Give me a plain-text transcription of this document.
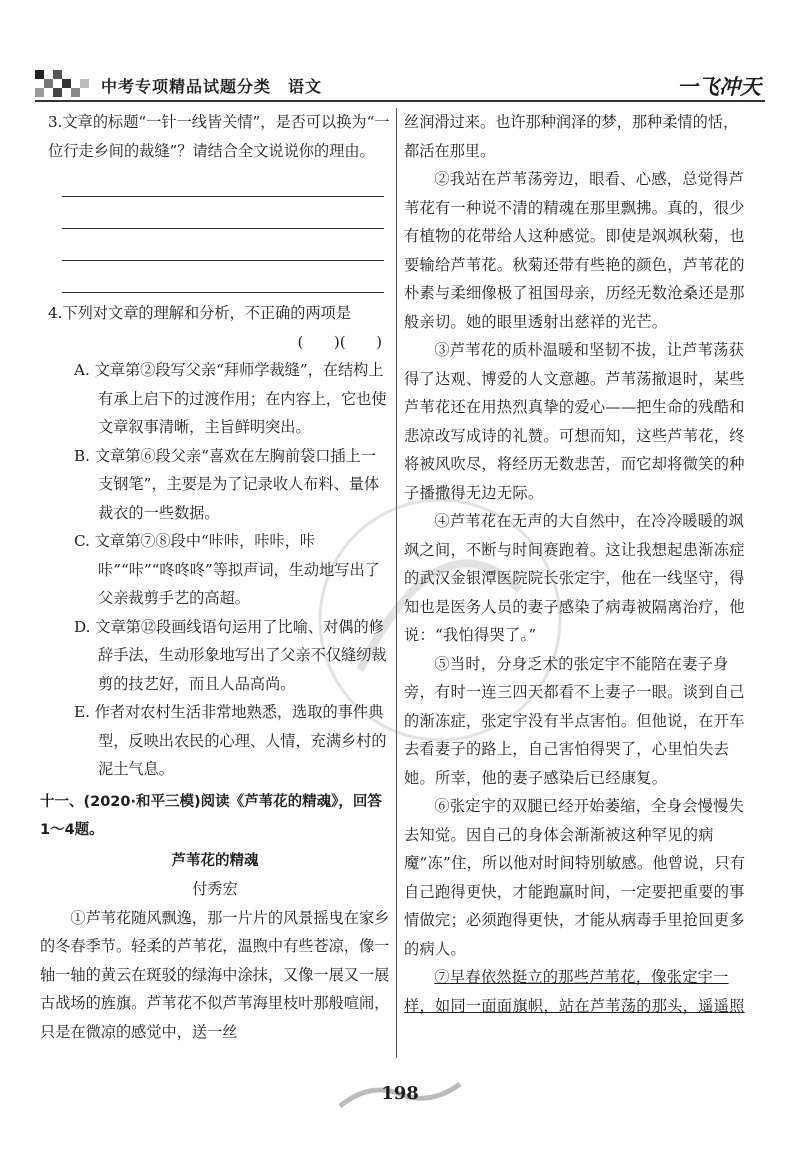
中考专项精品试题分类　语文	一飞冲天

3.文章的标题“一针一线皆关情”，是否可以换为“一位行走乡间的裁缝”？请结合全文说说你的理由。

4.下列对文章的理解和分析，不正确的两项是

(　　)(　　)

A. 文章第②段写父亲“拜师学裁缝”，在结构上有承上启下的过渡作用；在内容上，它也使文章叙事清晰，主旨鲜明突出。

B. 文章第⑥段父亲“喜欢在左胸前袋口插上一支钢笔”，主要是为了记录收人布料、量体裁衣的一些数据。

C. 文章第⑦⑧段中“咔咔，咔咔，咔咔”“咔”“咚咚咚”等拟声词，生动地写出了父亲裁剪手艺的高超。

D. 文章第⑫段画线语句运用了比喻、对偶的修辞手法，生动形象地写出了父亲不仅缝纫裁剪的技艺好，而且人品高尚。

E. 作者对农村生活非常地熟悉，选取的事件典型，反映出农民的心理、人情，充满乡村的泥土气息。

十一、(2020·和平三模)阅读《芦苇花的精魂》，回答1～4题。

芦苇花的精魂

付秀宏

①芦苇花随风飘逸，那一片片的风景摇曳在家乡的冬春季节。轻柔的芦苇花，温煦中有些苍凉，像一轴一轴的黄云在斑驳的绿海中涂抹，又像一展又一展古战场的旌旗。芦苇花不似芦苇海里枝叶那般喧闹，只是在微凉的感觉中，送一丝

丝润滑过来。也许那种润泽的梦，那种柔情的恬，都活在那里。

②我站在芦苇荡旁边，眼看、心感，总觉得芦苇花有一种说不清的精魂在那里飘拂。真的，很少有植物的花带给人这种感觉。即使是飒飒秋菊，也要输给芦苇花。秋菊还带有些艳的颜色，芦苇花的朴素与柔细像极了祖国母亲，历经无数沧桑还是那般亲切。她的眼里透射出慈祥的光芒。

③芦苇花的质朴温暖和坚韧不拔，让芦苇荡获得了达观、博爱的人文意趣。芦苇荡撤退时，某些芦苇花还在用热烈真挚的爱心——把生命的残酷和悲凉改写成诗的礼赞。可想而知，这些芦苇花，终将被风吹尽，将经历无数悲苦，而它却将微笑的种子播撒得无边无际。

④芦苇花在无声的大自然中，在冷冷暖暖的飒飒之间，不断与时间赛跑着。这让我想起患渐冻症的武汉金银潭医院院长张定宇，他在一线坚守，得知也是医务人员的妻子感染了病毒被隔离治疗，他说：“我怕得哭了。”

⑤当时，分身乏术的张定宇不能陪在妻子身旁，有时一连三四天都看不上妻子一眼。谈到自己的渐冻症，张定宇没有半点害怕。但他说，在开车去看妻子的路上，自己害怕得哭了，心里怕失去她。所幸，他的妻子感染后已经康复。

⑥张定宇的双腿已经开始萎缩，全身会慢慢失去知觉。因自己的身体会渐渐被这种罕见的病魔“冻”住，所以他对时间特别敏感。他曾说，只有自己跑得更快，才能跑赢时间，一定要把重要的事情做完；必须跑得更快，才能从病毒手里抢回更多的病人。

⑦早春依然挺立的那些芦苇花，像张定宇一样，如同一面面旗帜，站在芦苇荡的那头，遥遥照

198
